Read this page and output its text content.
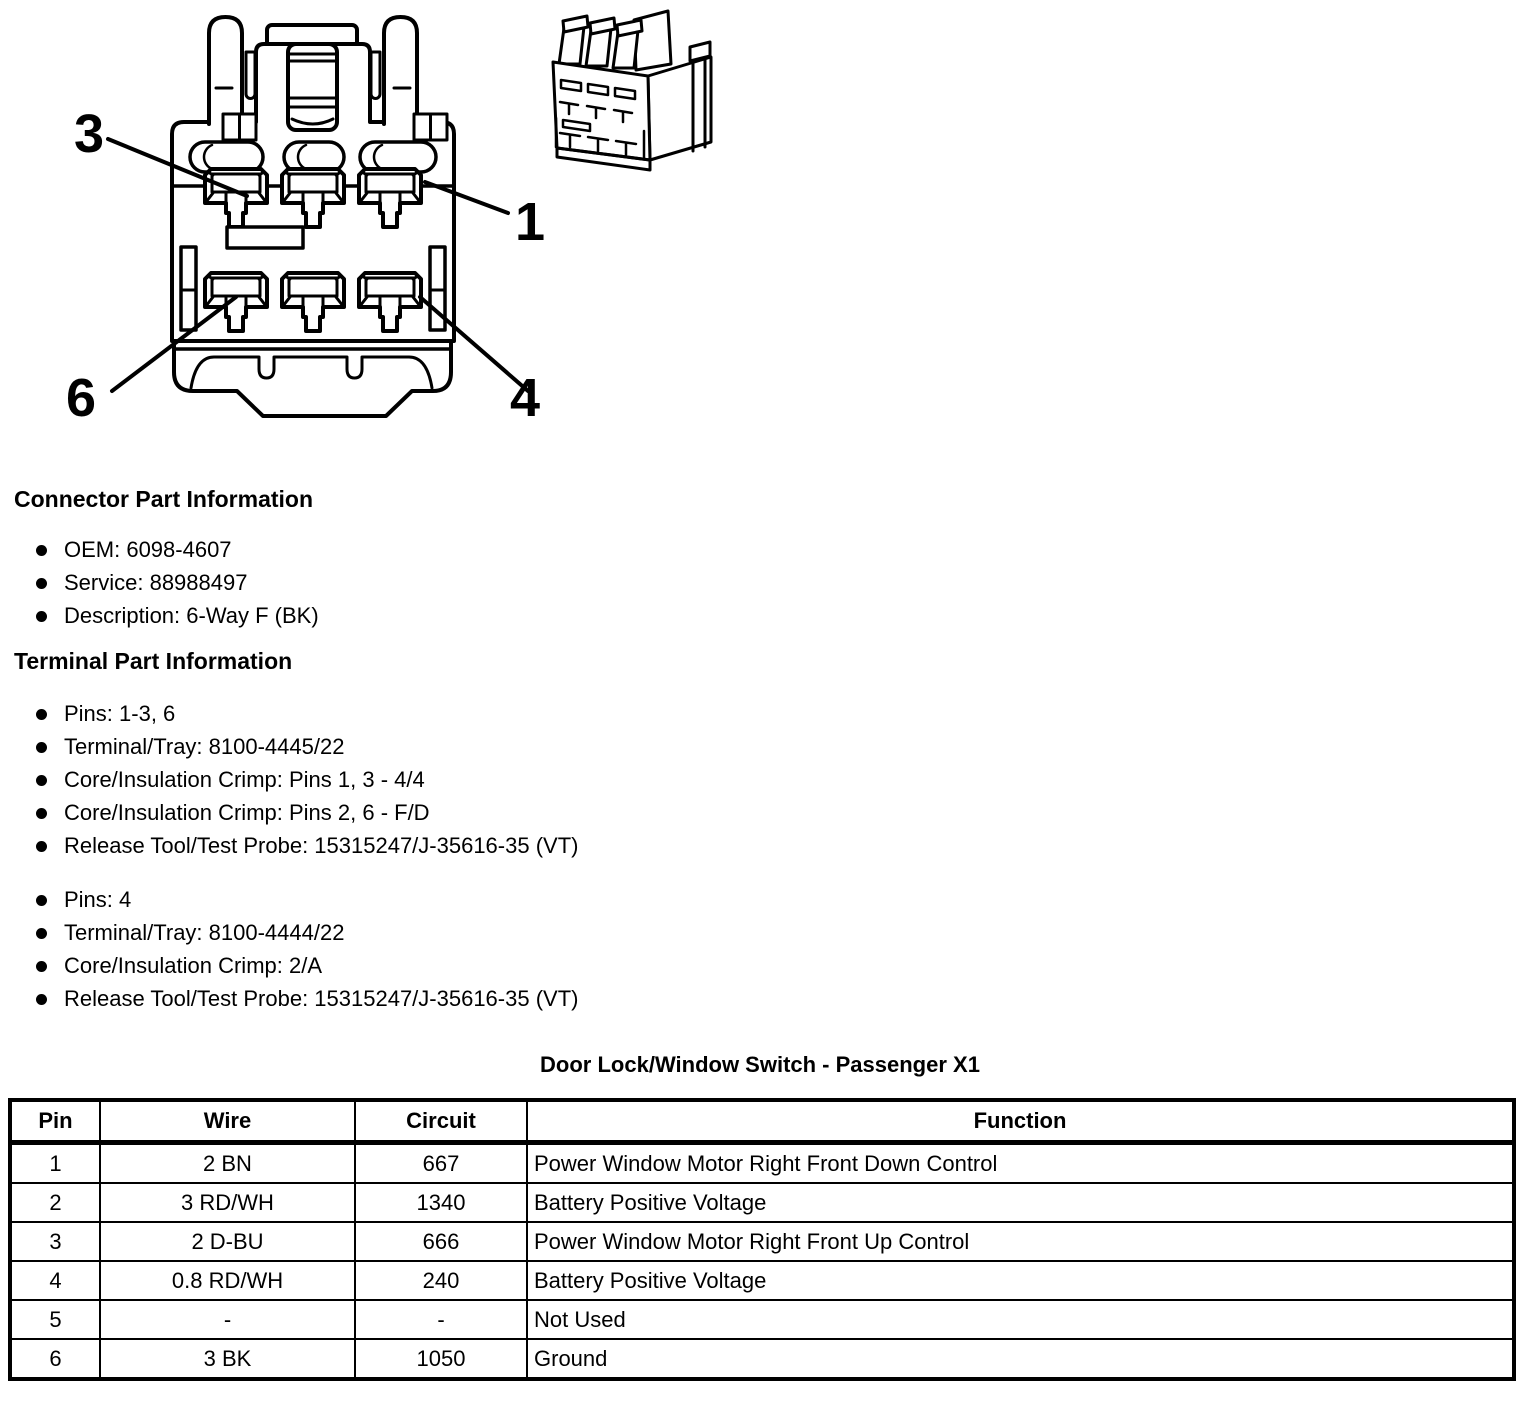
3
1
6	4
Connector Part Information
OEM: 6098-4607
Service: 88988497
Description: 6-Way F (BK)
Terminal Part Information
Pins: 1-3, 6
Terminal/Tray: 8100-4445/22
Core/Insulation Crimp: Pins 1, 3 - 4/4
Core/Insulation Crimp: Pins 2, 6 - F/D
Release Tool/Test Probe: 15315247/J-35616-35 (VT)
Pins: 4
Terminal/Tray: 8100-4444/22
Core/Insulation Crimp: 2/A
Release Tool/Test Probe: 15315247/J-35616-35 (VT)
Door Lock/Window Switch - Passenger X1
Pin	Wire	Circuit	Function
1	2 BN	667	Power Window Motor Right Front Down Control
2	3 RD/WH	1340	Battery Positive Voltage
3	2 D-BU	666	Power Window Motor Right Front Up Control
4	0.8 RD/WH	240	Battery Positive Voltage
5	-	-	Not Used
6	3 BK	1050	Ground
